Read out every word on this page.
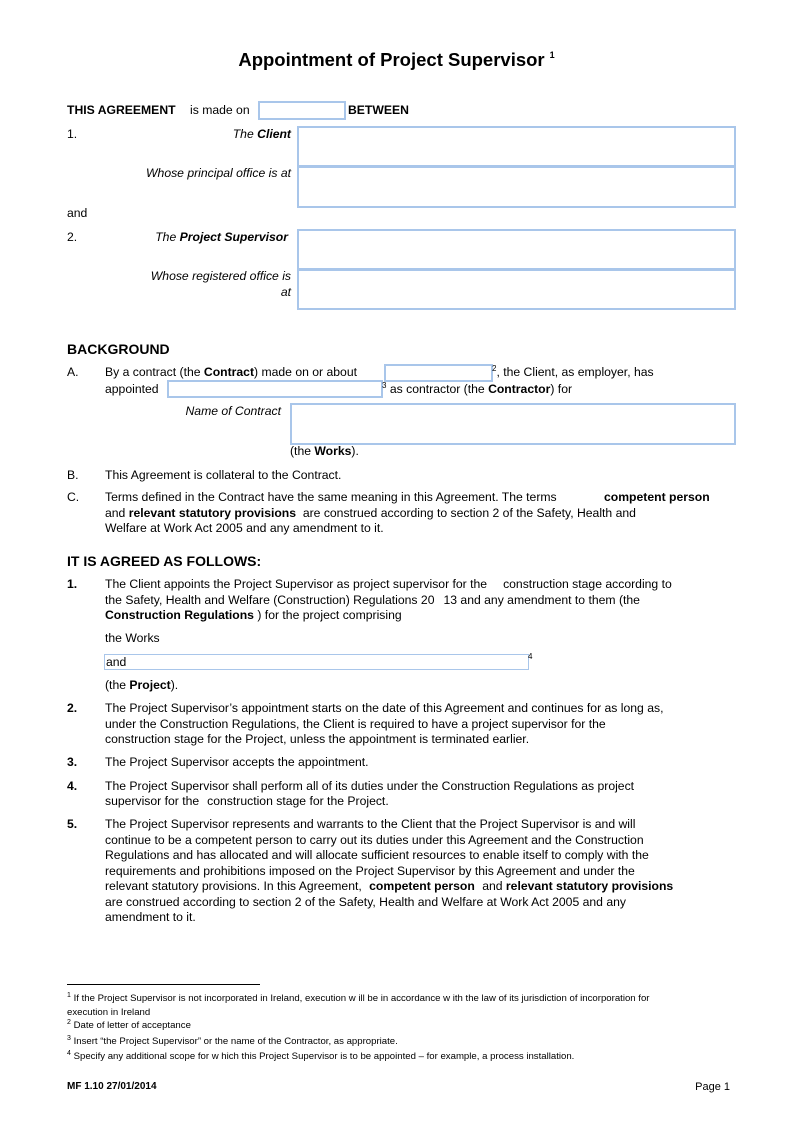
Appointment of Project Supervisor $^1$
THIS AGREEMENT is made on	BETWEEN
1.	The Client
Whose principal office is at
and
2.	The Project Supervisor
Whose registered office is
at
BACKGROUND
A. By a contract (the Contract) made on or about	$^2$, the Client, as employer, has
appointed	$^3$ as contractor (the Contractor) for
Name of Contract
(the Works).
B. This Agreement is collateral to the Contract.
C. Terms defined in the Contract have the same meaning in this Agreement. The terms	competent person
and relevant statutory provisions are construed according to section 2 of the Safety, Health and
Welfare at Work Act 2005 and any amendment to it.
IT IS AGREED AS FOLLOWS:
1. The Client appoints the Project Supervisor as project supervisor for the construction stage according to
the Safety, Health and Welfare (Construction) Regulations 20 13 and any amendment to them (the
Construction Regulations ) for the project comprising
the Works
and	4
(the Project).
2. The Project Supervisor’s appointment starts on the date of this Agreement and continues for as long as,
under the Construction Regulations, the Client is required to have a project supervisor for the
construction stage for the Project, unless the appointment is terminated earlier.
3. The Project Supervisor accepts the appointment.
4. The Project Supervisor shall perform all of its duties under the Construction Regulations as project
supervisor for the construction stage for the Project.
5. The Project Supervisor represents and warrants to the Client that the Project Supervisor is and will
continue to be a competent person to carry out its duties under this Agreement and the Construction
Regulations and has allocated and will allocate sufficient resources to enable itself to comply with the
requirements and prohibitions imposed on the Project Supervisor by this Agreement and under the
relevant statutory provisions. In this Agreement, competent person and relevant statutory provisions
are construed according to section 2 of the Safety, Health and Welfare at Work Act 2005 and any
amendment to it.
$^1$ If the Project Supervisor is not incorporated in Ireland, execution w ill be in accordance w ith the law of its jurisdiction of incorporation for
execution in Ireland
$^2$ Date of letter of acceptance
$^3$ Insert “the Project Supervisor” or the name of the Contractor, as appropriate.
$^4$ Specify any additional scope for w hich this Project Supervisor is to be appointed – for example, a process installation.
MF 1.10 27/01/2014	Page 1
